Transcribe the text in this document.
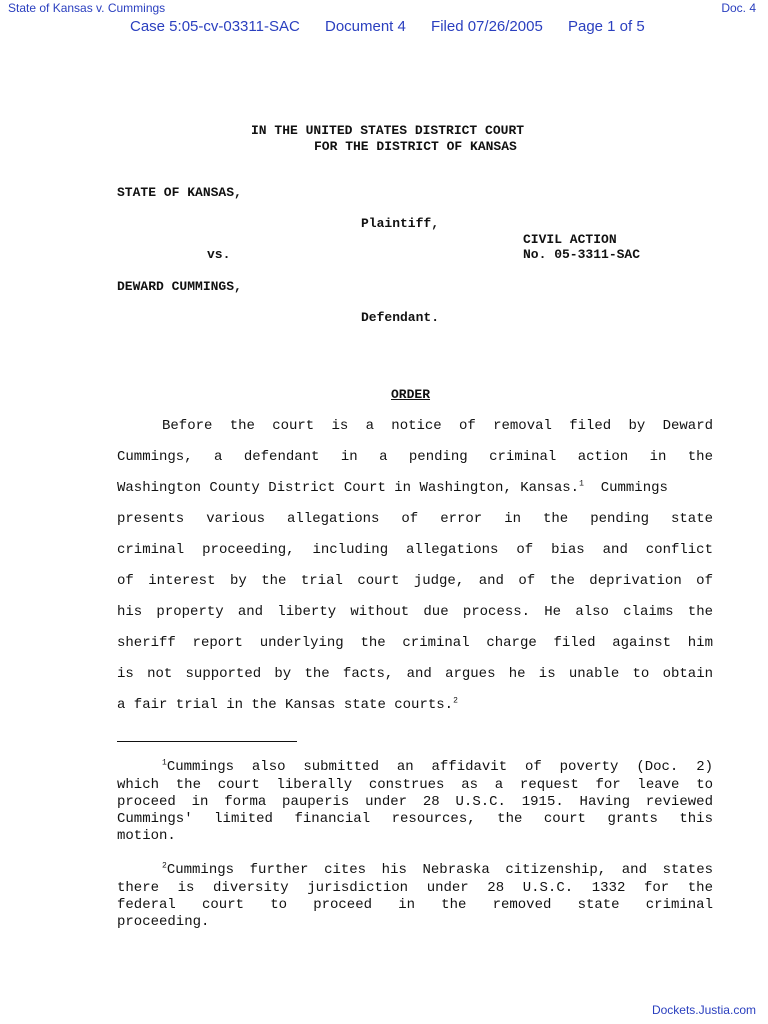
State of Kansas v. Cummings	Doc. 4
Case 5:05-cv-03311-SAC Document 4 Filed 07/26/2005 Page 1 of 5
Dockets.Justia.com
IN THE UNITED STATES DISTRICT COURT
FOR THE DISTRICT OF KANSAS
STATE OF KANSAS,
Plaintiff,
CIVIL ACTION
No. 05-3311-SAC
vs.
DEWARD CUMMINGS,
Defendant.
ORDER
Before the court is a notice of removal filed by Deward
Cummings, a defendant in a pending criminal action in the
Washington County District Court in Washington, Kansas.$^1$ Cummings
presents various allegations of error in the pending state
criminal proceeding, including allegations of bias and conflict
of interest by the trial court judge, and of the deprivation of
his property and liberty without due process. He also claims the
sheriff report underlying the criminal charge filed against him
is not supported by the facts, and argues he is unable to obtain
a fair trial in the Kansas state courts.$^2$
$^1$Cummings also submitted an affidavit of poverty (Doc. 2)
which the court liberally construes as a request for leave to
proceed in forma pauperis under 28 U.S.C. 1915. Having reviewed
Cummings' limited financial resources, the court grants this
motion.
$^2$Cummings further cites his Nebraska citizenship, and states
there is diversity jurisdiction under 28 U.S.C. 1332 for the
federal court to proceed in the removed state criminal
proceeding.
